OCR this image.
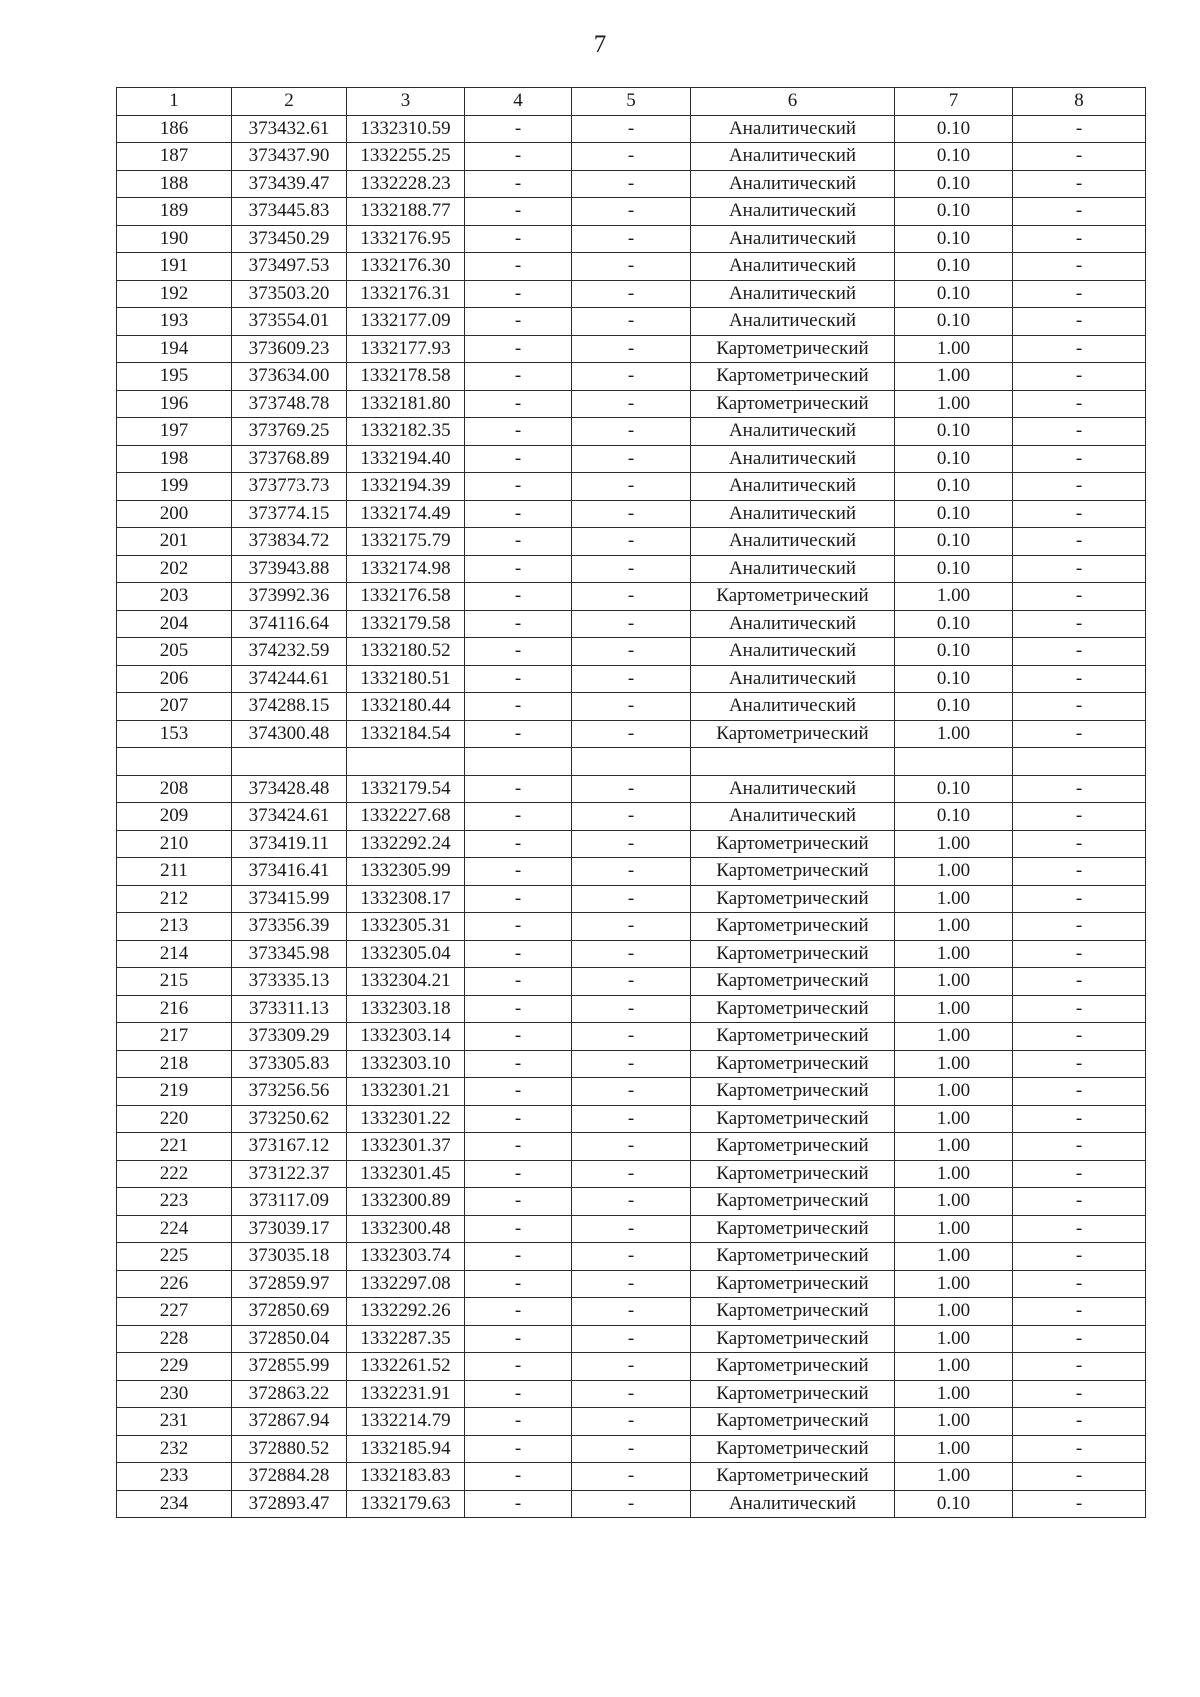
7
1	2	3	4	5	6	7	8
186	373432.61	1332310.59	-	-	Аналитический	0.10	-
187	373437.90	1332255.25	-	-	Аналитический	0.10	-
188	373439.47	1332228.23	-	-	Аналитический	0.10	-
189	373445.83	1332188.77	-	-	Аналитический	0.10	-
190	373450.29	1332176.95	-	-	Аналитический	0.10	-
191	373497.53	1332176.30	-	-	Аналитический	0.10	-
192	373503.20	1332176.31	-	-	Аналитический	0.10	-
193	373554.01	1332177.09	-	-	Аналитический	0.10	-
194	373609.23	1332177.93	-	-	Картометрический	1.00	-
195	373634.00	1332178.58	-	-	Картометрический	1.00	-
196	373748.78	1332181.80	-	-	Картометрический	1.00	-
197	373769.25	1332182.35	-	-	Аналитический	0.10	-
198	373768.89	1332194.40	-	-	Аналитический	0.10	-
199	373773.73	1332194.39	-	-	Аналитический	0.10	-
200	373774.15	1332174.49	-	-	Аналитический	0.10	-
201	373834.72	1332175.79	-	-	Аналитический	0.10	-
202	373943.88	1332174.98	-	-	Аналитический	0.10	-
203	373992.36	1332176.58	-	-	Картометрический	1.00	-
204	374116.64	1332179.58	-	-	Аналитический	0.10	-
205	374232.59	1332180.52	-	-	Аналитический	0.10	-
206	374244.61	1332180.51	-	-	Аналитический	0.10	-
207	374288.15	1332180.44	-	-	Аналитический	0.10	-
153	374300.48	1332184.54	-	-	Картометрический	1.00	-

208	373428.48	1332179.54	-	-	Аналитический	0.10	-
209	373424.61	1332227.68	-	-	Аналитический	0.10	-
210	373419.11	1332292.24	-	-	Картометрический	1.00	-
211	373416.41	1332305.99	-	-	Картометрический	1.00	-
212	373415.99	1332308.17	-	-	Картометрический	1.00	-
213	373356.39	1332305.31	-	-	Картометрический	1.00	-
214	373345.98	1332305.04	-	-	Картометрический	1.00	-
215	373335.13	1332304.21	-	-	Картометрический	1.00	-
216	373311.13	1332303.18	-	-	Картометрический	1.00	-
217	373309.29	1332303.14	-	-	Картометрический	1.00	-
218	373305.83	1332303.10	-	-	Картометрический	1.00	-
219	373256.56	1332301.21	-	-	Картометрический	1.00	-
220	373250.62	1332301.22	-	-	Картометрический	1.00	-
221	373167.12	1332301.37	-	-	Картометрический	1.00	-
222	373122.37	1332301.45	-	-	Картометрический	1.00	-
223	373117.09	1332300.89	-	-	Картометрический	1.00	-
224	373039.17	1332300.48	-	-	Картометрический	1.00	-
225	373035.18	1332303.74	-	-	Картометрический	1.00	-
226	372859.97	1332297.08	-	-	Картометрический	1.00	-
227	372850.69	1332292.26	-	-	Картометрический	1.00	-
228	372850.04	1332287.35	-	-	Картометрический	1.00	-
229	372855.99	1332261.52	-	-	Картометрический	1.00	-
230	372863.22	1332231.91	-	-	Картометрический	1.00	-
231	372867.94	1332214.79	-	-	Картометрический	1.00	-
232	372880.52	1332185.94	-	-	Картометрический	1.00	-
233	372884.28	1332183.83	-	-	Картометрический	1.00	-
234	372893.47	1332179.63	-	-	Аналитический	0.10	-
